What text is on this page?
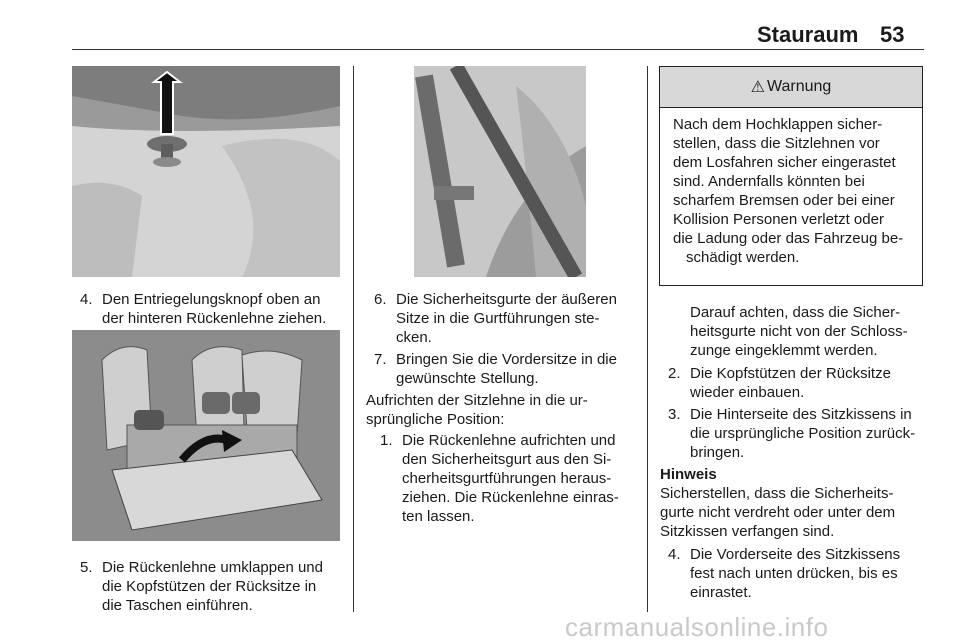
Stauraum 53
4. Den Entriegelungsknopf oben an
der hinteren Rückenlehne ziehen.
5. Die Rückenlehne umklappen und
die Kopfstützen der Rücksitze in
die Taschen einführen.
6. Die Sicherheitsgurte der äußeren
Sitze in die Gurtführungen ste-
cken.
7. Bringen Sie die Vordersitze in die
gewünschte Stellung.
Aufrichten der Sitzlehne in die ur-
sprüngliche Position:
1. Die Rückenlehne aufrichten und
den Sicherheitsgurt aus den Si-
cherheitsgurtführungen heraus-
ziehen. Die Rückenlehne einras-
ten lassen.
⚠ Warnung
Nach dem Hochklappen sicher-
stellen, dass die Sitzlehnen vor
dem Losfahren sicher eingerastet
sind. Andernfalls könnten bei
scharfem Bremsen oder bei einer
Kollision Personen verletzt oder
die Ladung oder das Fahrzeug be-
schädigt werden.
Darauf achten, dass die Sicher-
heitsgurte nicht von der Schloss-
zunge eingeklemmt werden.
2. Die Kopfstützen der Rücksitze
wieder einbauen.
3. Die Hinterseite des Sitzkissens in
die ursprüngliche Position zurück-
bringen.
Hinweis
Sicherstellen, dass die Sicherheits-
gurte nicht verdreht oder unter dem
Sitzkissen verfangen sind.
4. Die Vorderseite des Sitzkissens
fest nach unten drücken, bis es
einrastet.
carmanualsonline.info
